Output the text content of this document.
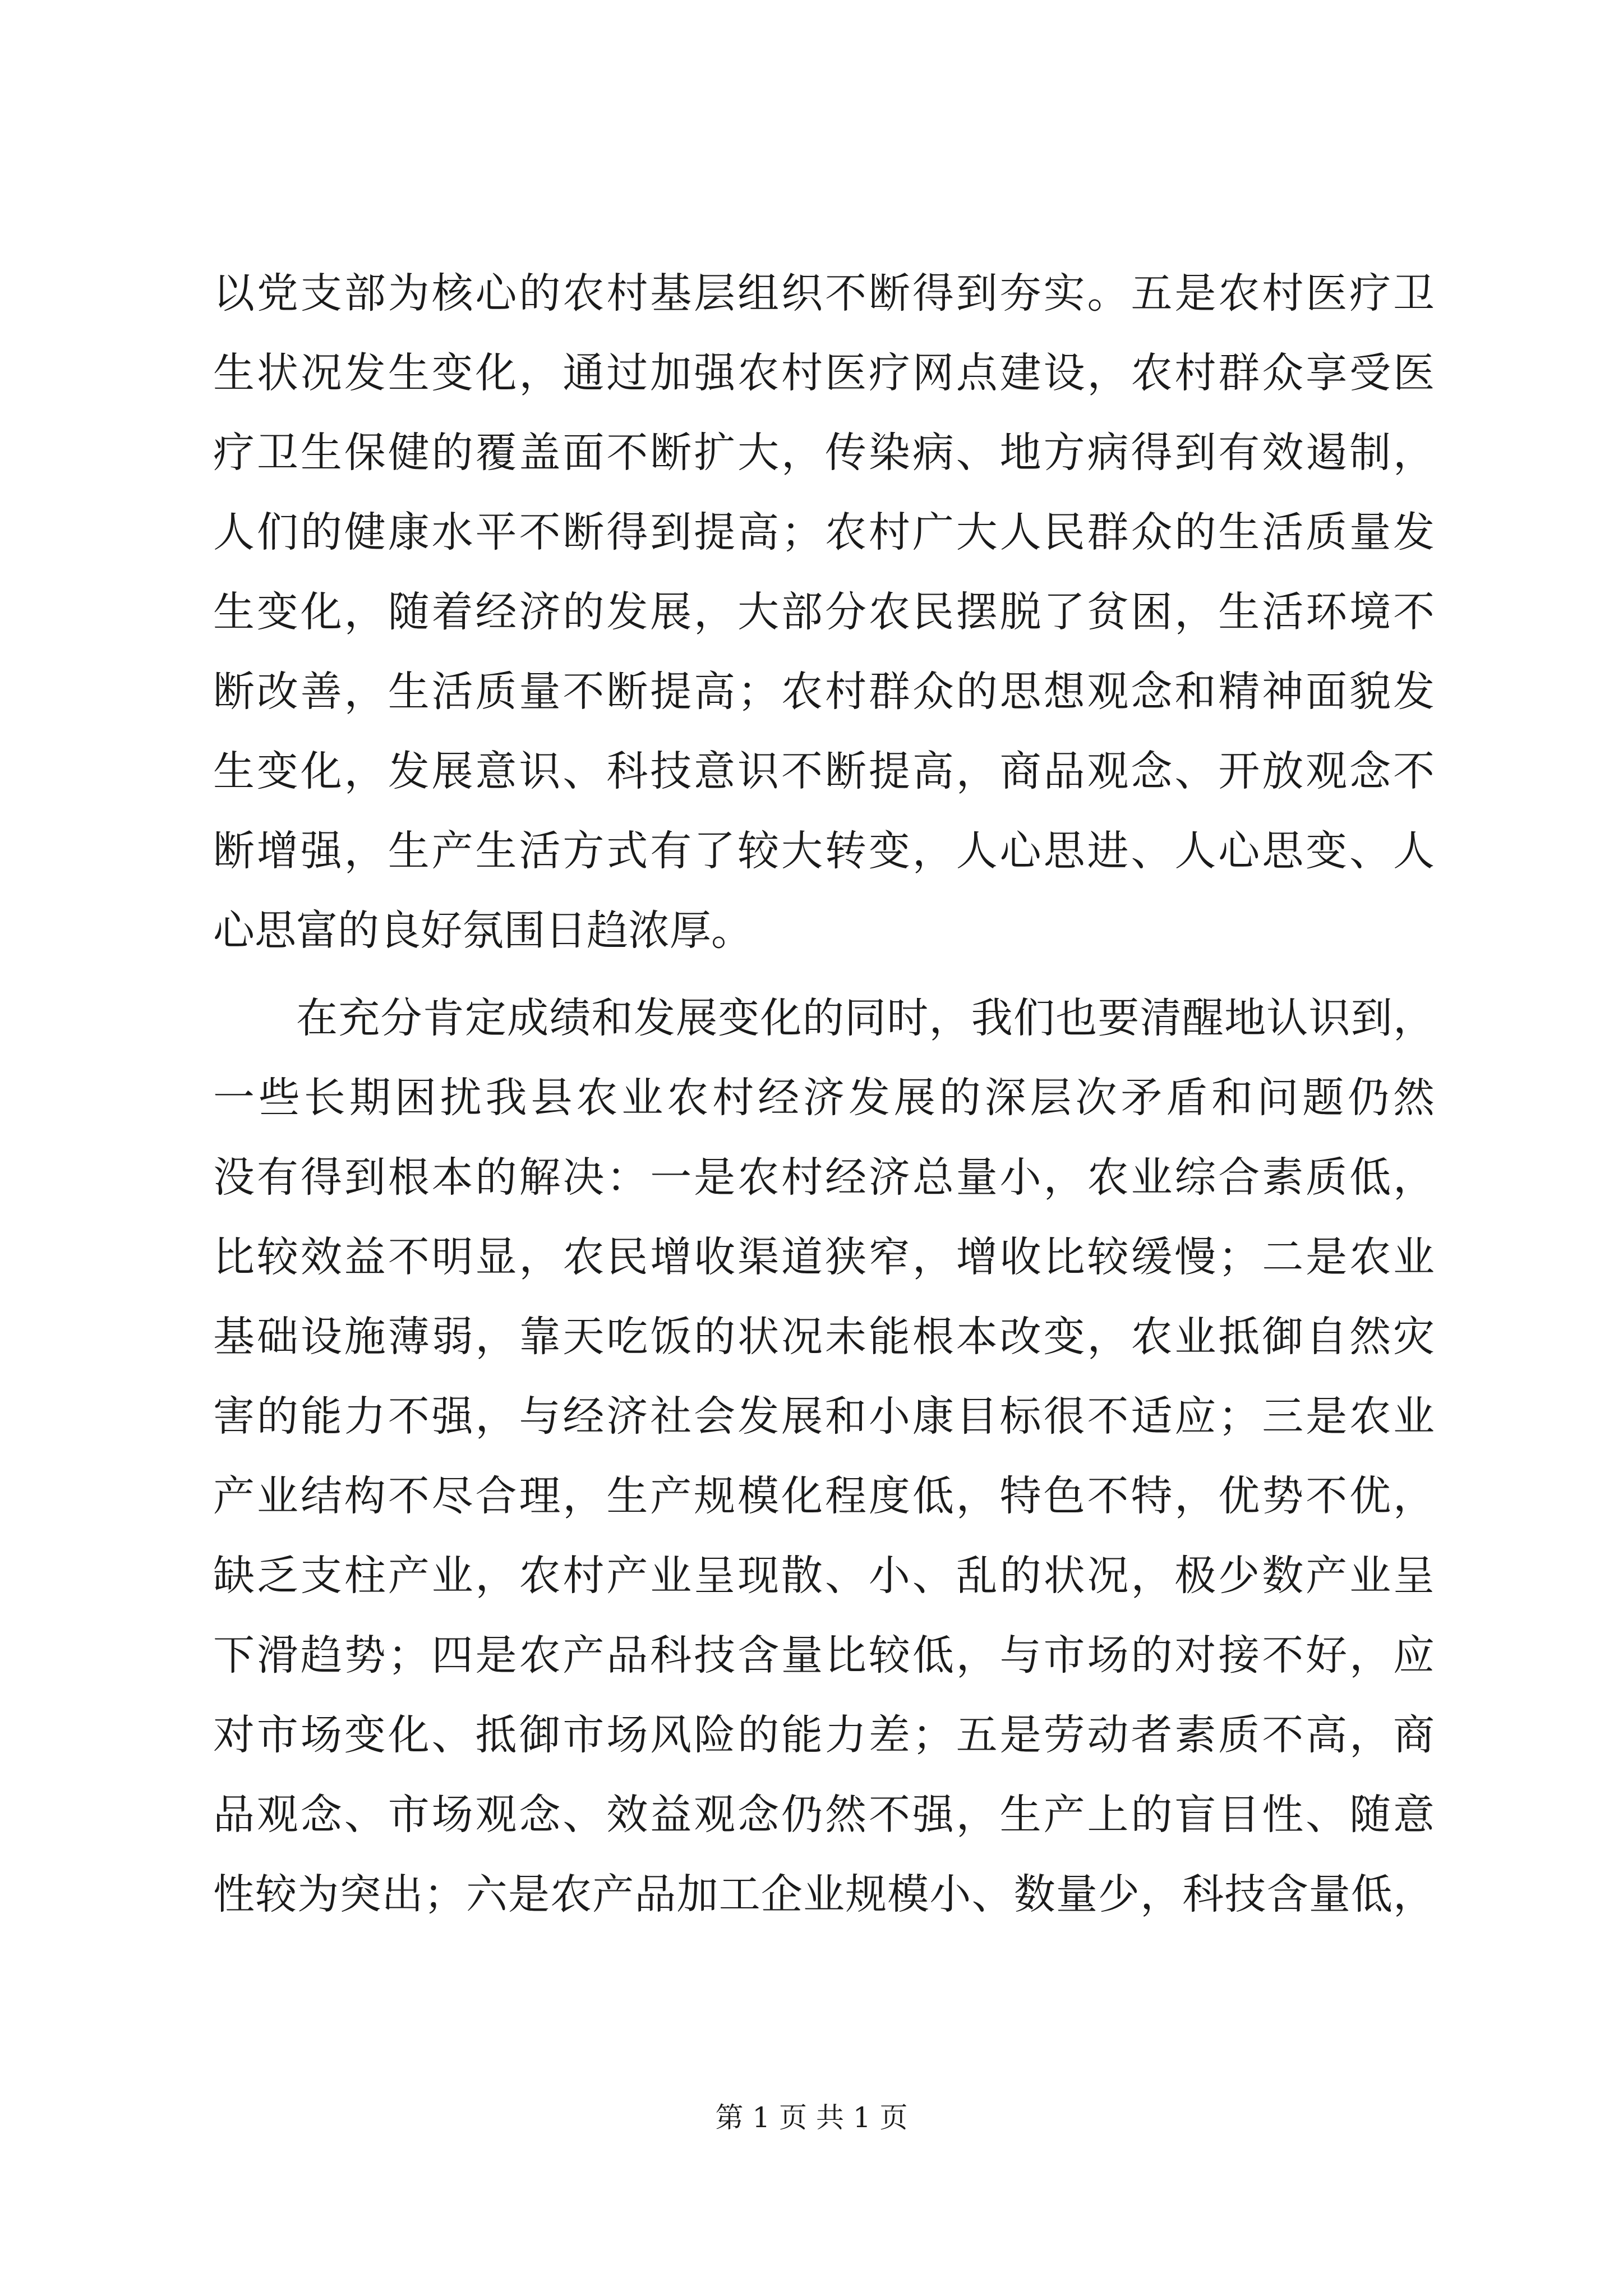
以党支部为核心的农村基层组织不断得到夯实。五是农村医疗卫
生状况发生变化，通过加强农村医疗网点建设，农村群众享受医
疗卫生保健的覆盖面不断扩大，传染病、地方病得到有效遏制，
人们的健康水平不断得到提高；农村广大人民群众的生活质量发
生变化，随着经济的发展，大部分农民摆脱了贫困，生活环境不
断改善，生活质量不断提高；农村群众的思想观念和精神面貌发
生变化，发展意识、科技意识不断提高，商品观念、开放观念不
断增强，生产生活方式有了较大转变，人心思进、人心思变、人
心思富的良好氛围日趋浓厚。
在充分肯定成绩和发展变化的同时，我们也要清醒地认识到，
一些长期困扰我县农业农村经济发展的深层次矛盾和问题仍然
没有得到根本的解决：一是农村经济总量小，农业综合素质低，
比较效益不明显，农民增收渠道狭窄，增收比较缓慢；二是农业
基础设施薄弱，靠天吃饭的状况未能根本改变，农业抵御自然灾
害的能力不强，与经济社会发展和小康目标很不适应；三是农业
产业结构不尽合理，生产规模化程度低，特色不特，优势不优，
缺乏支柱产业，农村产业呈现散、小、乱的状况，极少数产业呈
下滑趋势；四是农产品科技含量比较低，与市场的对接不好，应
对市场变化、抵御市场风险的能力差；五是劳动者素质不高，商
品观念、市场观念、效益观念仍然不强，生产上的盲目性、随意
性较为突出；六是农产品加工企业规模小、数量少，科技含量低，
第 1 页 共 1 页
